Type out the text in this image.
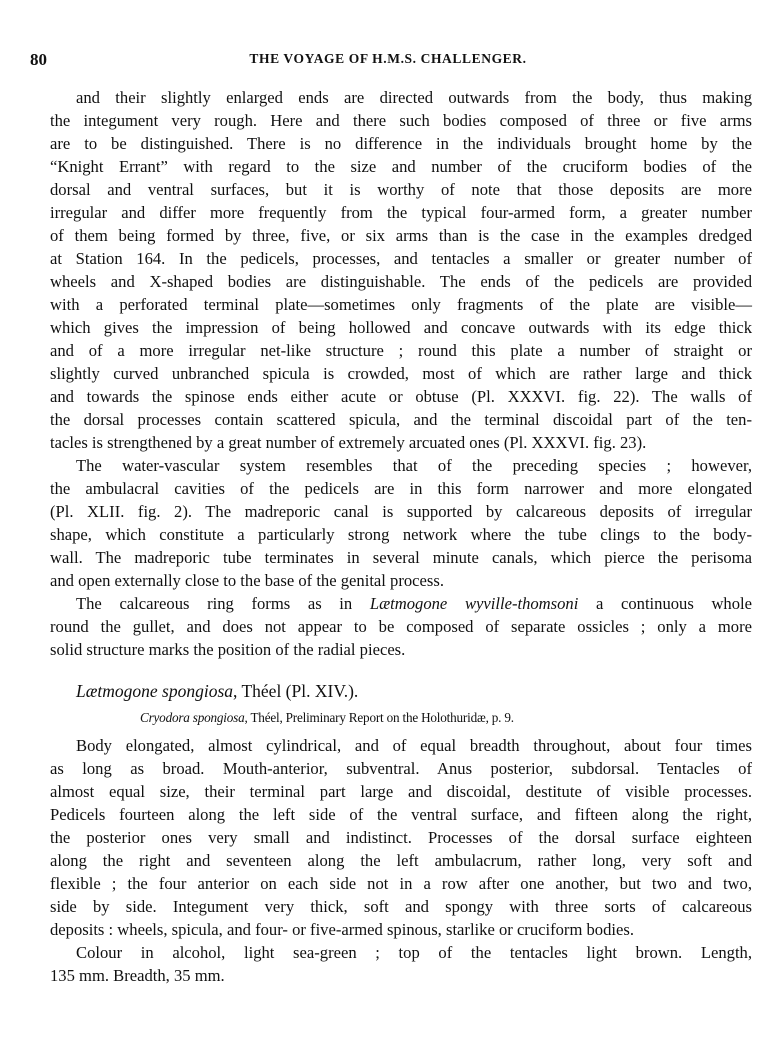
80	THE VOYAGE OF H.M.S. CHALLENGER.
and their slightly enlarged ends are directed outwards from the body, thus making
the integument very rough. Here and there such bodies composed of three or five arms
are to be distinguished. There is no difference in the individuals brought home by the
“Knight Errant” with regard to the size and number of the cruciform bodies of the
dorsal and ventral surfaces, but it is worthy of note that those deposits are more
irregular and differ more frequently from the typical four-armed form, a greater number
of them being formed by three, five, or six arms than is the case in the examples dredged
at Station 164. In the pedicels, processes, and tentacles a smaller or greater number of
wheels and X-shaped bodies are distinguishable. The ends of the pedicels are provided
with a perforated terminal plate—sometimes only fragments of the plate are visible—
which gives the impression of being hollowed and concave outwards with its edge thick
and of a more irregular net-like structure ; round this plate a number of straight or
slightly curved unbranched spicula is crowded, most of which are rather large and thick
and towards the spinose ends either acute or obtuse (Pl. XXXVI. fig. 22). The walls of
the dorsal processes contain scattered spicula, and the terminal discoidal part of the ten-
tacles is strengthened by a great number of extremely arcuated ones (Pl. XXXVI. fig. 23).
The water-vascular system resembles that of the preceding species ; however,
the ambulacral cavities of the pedicels are in this form narrower and more elongated
(Pl. XLII. fig. 2). The madreporic canal is supported by calcareous deposits of irregular
shape, which constitute a particularly strong network where the tube clings to the body-
wall. The madreporic tube terminates in several minute canals, which pierce the perisoma
and open externally close to the base of the genital process.
The calcareous ring forms as in Lætmogone wyville-thomsoni a continuous whole
round the gullet, and does not appear to be composed of separate ossicles ; only a more
solid structure marks the position of the radial pieces.
Body elongated, almost cylindrical, and of equal breadth throughout, about four times
as long as broad. Mouth-anterior, subventral. Anus posterior, subdorsal. Tentacles of
almost equal size, their terminal part large and discoidal, destitute of visible processes.
Pedicels fourteen along the left side of the ventral surface, and fifteen along the right,
the posterior ones very small and indistinct. Processes of the dorsal surface eighteen
along the right and seventeen along the left ambulacrum, rather long, very soft and
flexible ; the four anterior on each side not in a row after one another, but two and two,
side by side. Integument very thick, soft and spongy with three sorts of calcareous
deposits : wheels, spicula, and four- or five-armed spinous, starlike or cruciform bodies.
Colour in alcohol, light sea-green ; top of the tentacles light brown. Length,
135 mm. Breadth, 35 mm.
Lætmogone spongiosa, Théel (Pl. XIV.).
Cryodora spongiosa, Théel, Preliminary Report on the Holothuridæ, p. 9.
